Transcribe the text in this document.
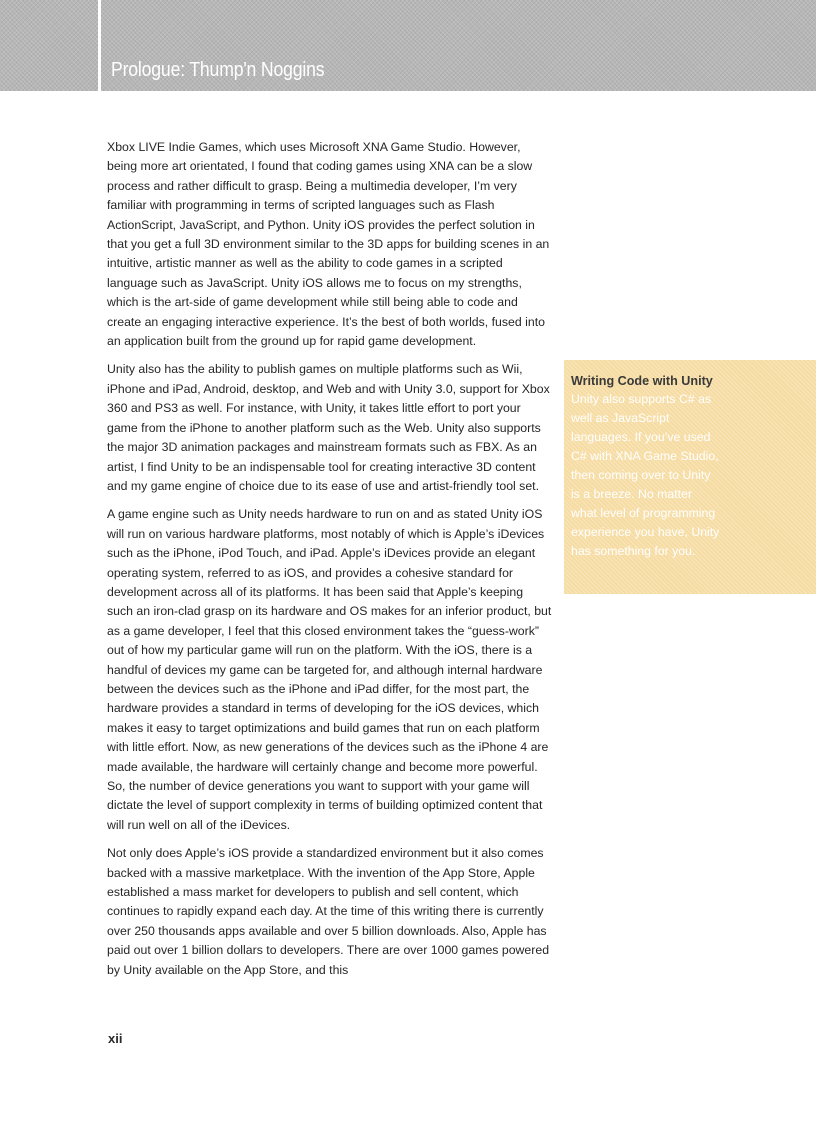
Prologue: Thump'n Noggins

Xbox LIVE Indie Games, which uses Microsoft XNA Game Studio. However, being more art orientated, I found that coding games using XNA can be a slow process and rather difficult to grasp. Being a multimedia developer, I’m very familiar with programming in terms of scripted languages such as Flash ActionScript, JavaScript, and Python. Unity iOS provides the perfect solution in that you get a full 3D environment similar to the 3D apps for building scenes in an intuitive, artistic manner as well as the ability to code games in a scripted language such as JavaScript. Unity iOS allows me to focus on my strengths, which is the art-side of game development while still being able to code and create an engaging interactive experience. It’s the best of both worlds, fused into an application built from the ground up for rapid game development.

Unity also has the ability to publish games on multiple platforms such as Wii, iPhone and iPad, Android, desktop, and Web and with Unity 3.0, support for Xbox 360 and PS3 as well. For instance, with Unity, it takes little effort to port your game from the iPhone to another platform such as the Web. Unity also supports the major 3D animation packages and mainstream formats such as FBX. As an artist, I find Unity to be an indispensable tool for creating interactive 3D content and my game engine of choice due to its ease of use and artist-friendly tool set.

A game engine such as Unity needs hardware to run on and as stated Unity iOS will run on various hardware platforms, most notably of which is Apple’s iDevices such as the iPhone, iPod Touch, and iPad. Apple’s iDevices provide an elegant operating system, referred to as iOS, and provides a cohesive standard for development across all of its platforms. It has been said that Apple’s keeping such an iron-clad grasp on its hardware and OS makes for an inferior product, but as a game developer, I feel that this closed environment takes the “guess-work” out of how my particular game will run on the platform. With the iOS, there is a handful of devices my game can be targeted for, and although internal hardware between the devices such as the iPhone and iPad differ, for the most part, the hardware provides a standard in terms of developing for the iOS devices, which makes it easy to target optimizations and build games that run on each platform with little effort. Now, as new generations of the devices such as the iPhone 4 are made available, the hardware will certainly change and become more powerful. So, the number of device generations you want to support with your game will dictate the level of support complexity in terms of building optimized content that will run well on all of the iDevices.

Not only does Apple’s iOS provide a standardized environment but it also comes backed with a massive marketplace. With the invention of the App Store, Apple established a mass market for developers to publish and sell content, which continues to rapidly expand each day. At the time of this writing there is currently over 250 thousands apps available and over 5 billion downloads. Also, Apple has paid out over 1 billion dollars to developers. There are over 1000 games powered by Unity available on the App Store, and this

Writing Code with Unity

Unity also supports C# as well as JavaScript languages. If you’ve used C# with XNA Game Studio, then coming over to Unity is a breeze. No matter what level of programming experience you have, Unity has something for you.

xii
